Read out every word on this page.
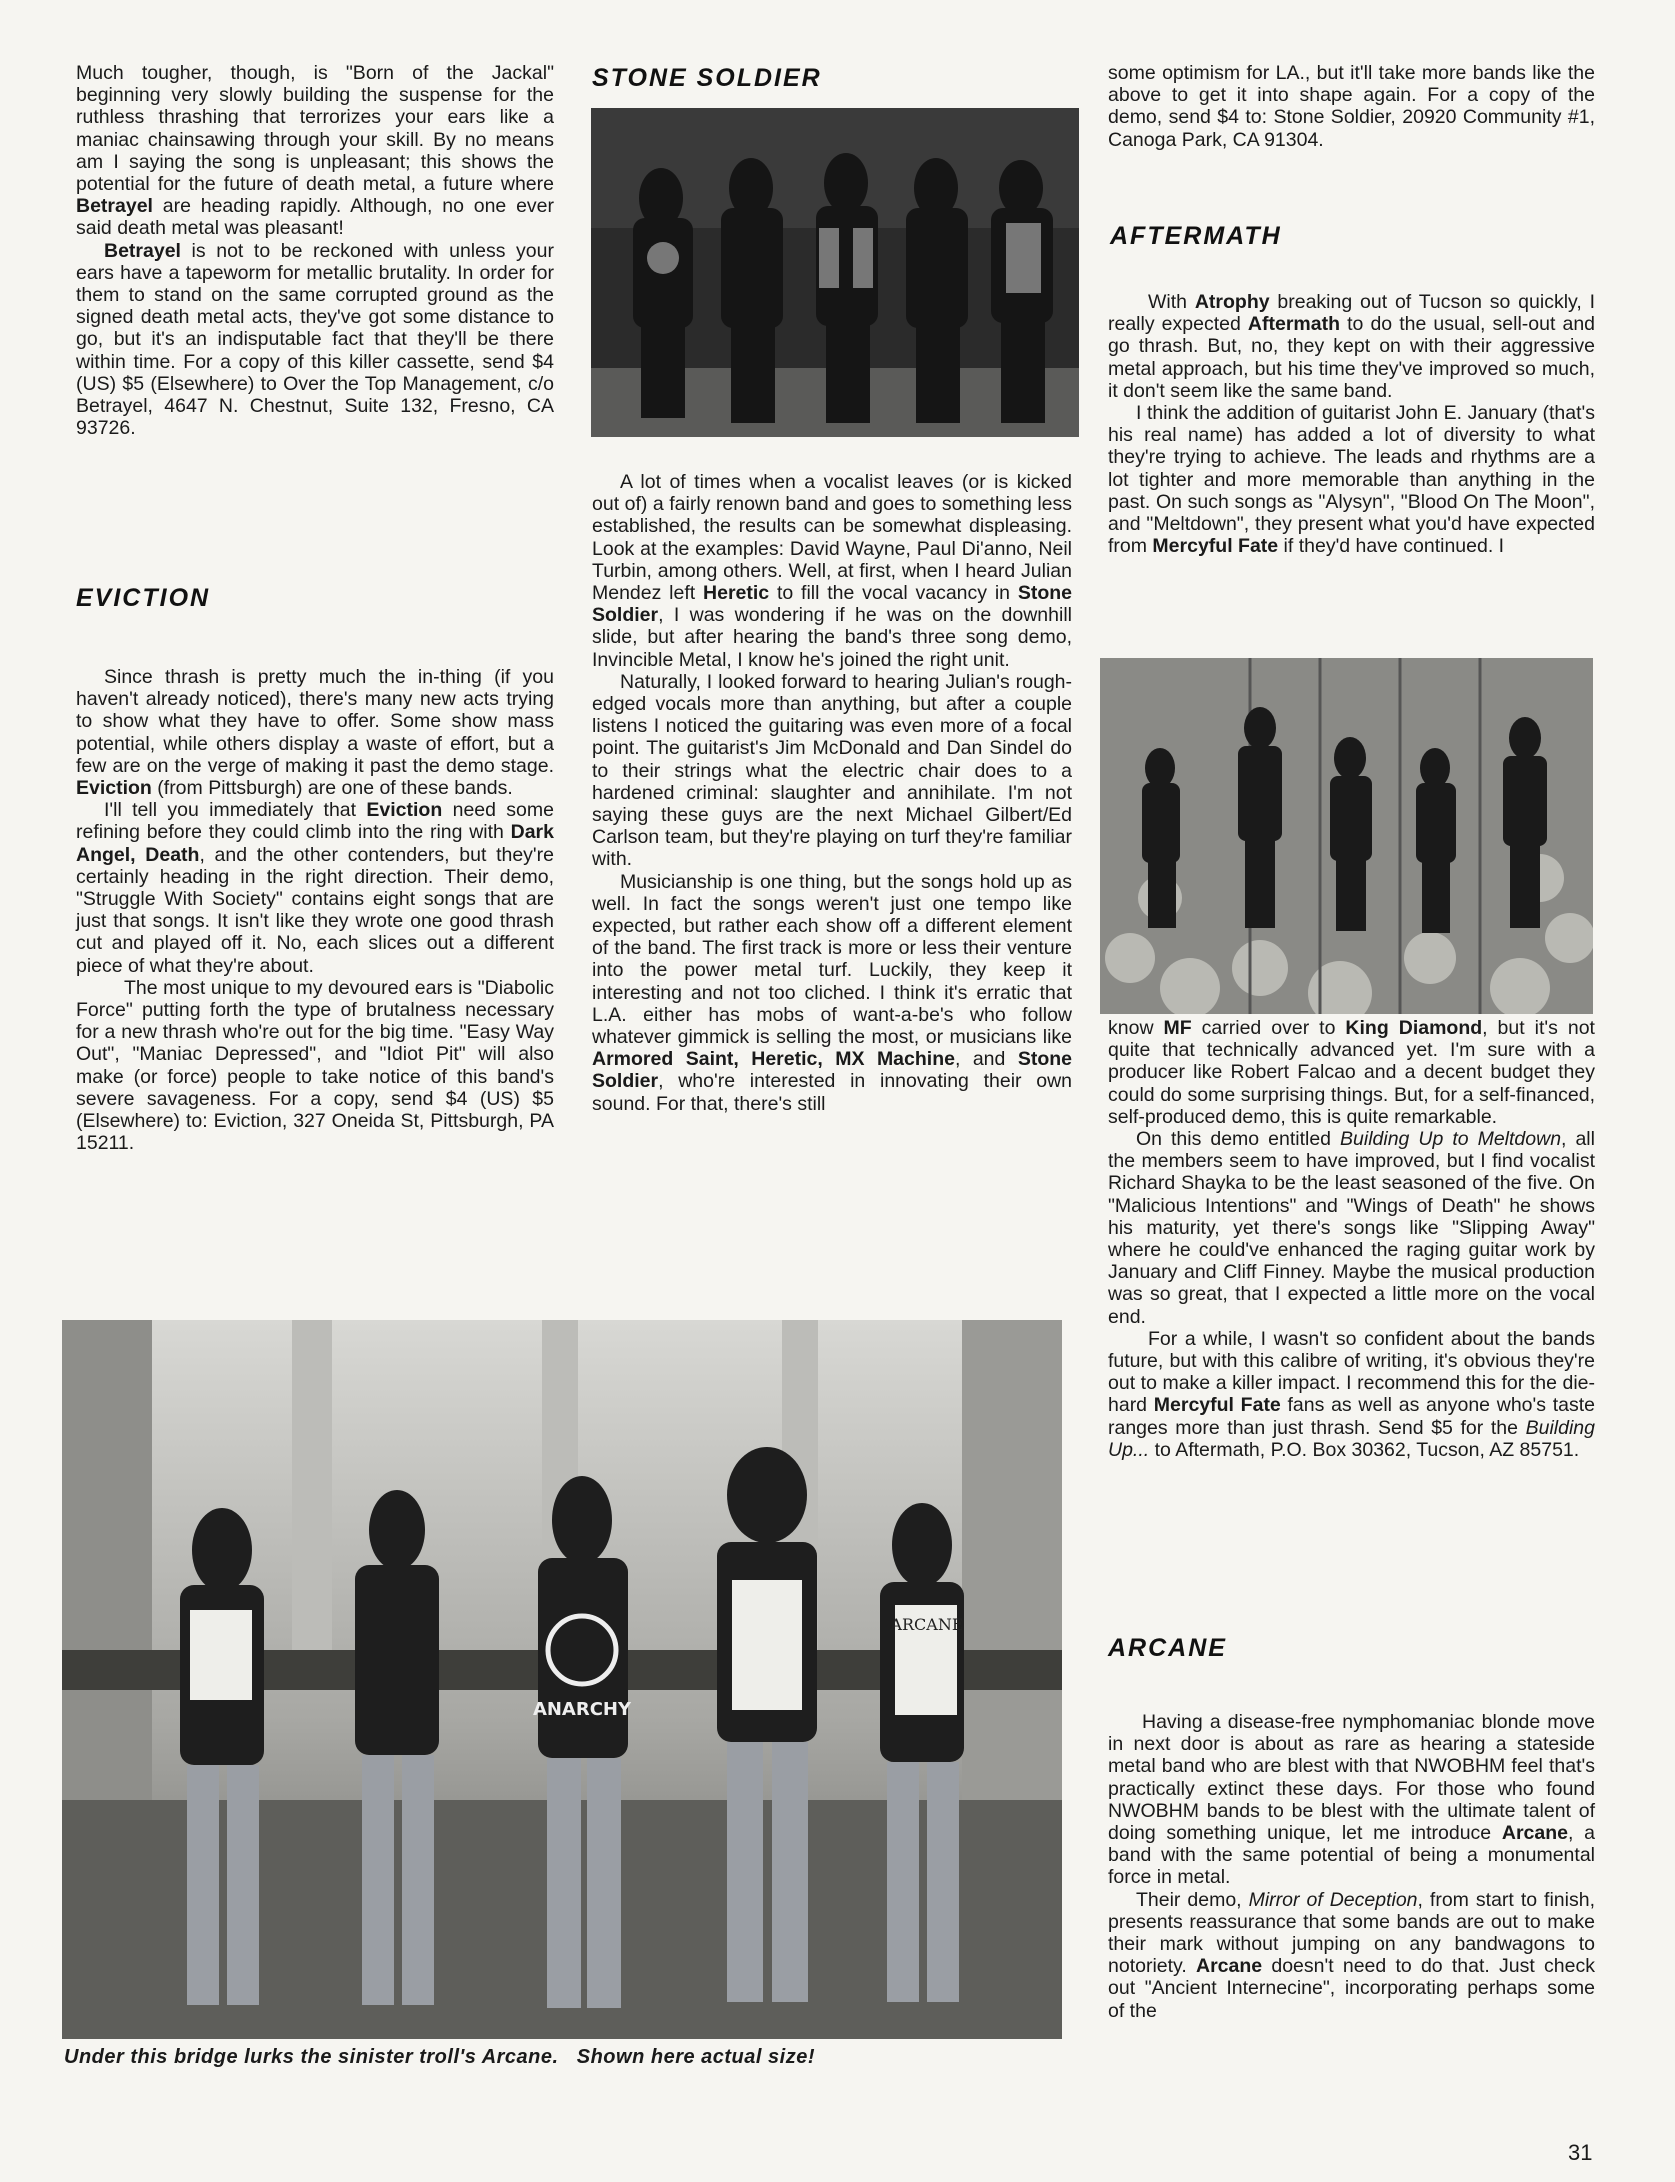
Much tougher, though, is "Born of the Jackal" beginning very slowly building the suspense for the ruthless thrashing that terrorizes your ears like a maniac chainsawing through your skill. By no means am I saying the song is unpleasant; this shows the potential for the future of death metal, a future where Betrayel are heading rapidly. Although, no one ever said death metal was pleasant!

Betrayel is not to be reckoned with unless your ears have a tapeworm for metallic brutality. In order for them to stand on the same corrupted ground as the signed death metal acts, they've got some distance to go, but it's an indisputable fact that they'll be there within time. For a copy of this killer cassette, send $4 (US) $5 (Elsewhere) to Over the Top Management, c/o Betrayel, 4647 N. Chestnut, Suite 132, Fresno, CA 93726.

EVICTION

Since thrash is pretty much the in-thing (if you haven't already noticed), there's many new acts trying to show what they have to offer. Some show mass potential, while others display a waste of effort, but a few are on the verge of making it past the demo stage. Eviction (from Pittsburgh) are one of these bands.

I'll tell you immediately that Eviction need some refining before they could climb into the ring with Dark Angel, Death, and the other contenders, but they're certainly heading in the right direction. Their demo, "Struggle With Society" contains eight songs that are just that songs. It isn't like they wrote one good thrash cut and played off it. No, each slices out a different piece of what they're about.

The most unique to my devoured ears is "Diabolic Force" putting forth the type of brutalness necessary for a new thrash who're out for the big time. "Easy Way Out", "Maniac Depressed", and "Idiot Pit" will also make (or force) people to take notice of this band's severe savageness. For a copy, send $4 (US) $5 (Elsewhere) to: Eviction, 327 Oneida St, Pittsburgh, PA 15211.

STONE SOLDIER

A lot of times when a vocalist leaves (or is kicked out of) a fairly renown band and goes to something less established, the results can be somewhat displeasing. Look at the examples: David Wayne, Paul Di'anno, Neil Turbin, among others. Well, at first, when I heard Julian Mendez left Heretic to fill the vocal vacancy in Stone Soldier, I was wondering if he was on the downhill slide, but after hearing the band's three song demo, Invincible Metal, I know he's joined the right unit.

Naturally, I looked forward to hearing Julian's rough-edged vocals more than anything, but after a couple listens I noticed the guitaring was even more of a focal point. The guitarist's Jim McDonald and Dan Sindel do to their strings what the electric chair does to a hardened criminal: slaughter and annihilate. I'm not saying these guys are the next Michael Gilbert/Ed Carlson team, but they're playing on turf they're familiar with.

Musicianship is one thing, but the songs hold up as well. In fact the songs weren't just one tempo like expected, but rather each show off a different element of the band. The first track is more or less their venture into the power metal turf. Luckily, they keep it interesting and not too cliched. I think it's erratic that L.A. either has mobs of want-a-be's who follow whatever gimmick is selling the most, or musicians like Armored Saint, Heretic, MX Machine, and Stone Soldier, who're interested in innovating their own sound. For that, there's still

some optimism for LA., but it'll take more bands like the above to get it into shape again. For a copy of the demo, send $4 to: Stone Soldier, 20920 Community #1, Canoga Park, CA 91304.

AFTERMATH

With Atrophy breaking out of Tucson so quickly, I really expected Aftermath to do the usual, sell-out and go thrash. But, no, they kept on with their aggressive metal approach, but his time they've improved so much, it don't seem like the same band.

I think the addition of guitarist John E. January (that's his real name) has added a lot of diversity to what they're trying to achieve. The leads and rhythms are a lot tighter and more memorable than anything in the past. On such songs as "Alysyn", "Blood On The Moon", and "Meltdown", they present what you'd have expected from Mercyful Fate if they'd have continued. I

know MF carried over to King Diamond, but it's not quite that technically advanced yet. I'm sure with a producer like Robert Falcao and a decent budget they could do some surprising things. But, for a self-financed, self-produced demo, this is quite remarkable.

On this demo entitled Building Up to Meltdown, all the members seem to have improved, but I find vocalist Richard Shayka to be the least seasoned of the five. On "Malicious Intentions" and "Wings of Death" he shows his maturity, yet there's songs like "Slipping Away" where he could've enhanced the raging guitar work by January and Cliff Finney. Maybe the musical production was so great, that I expected a little more on the vocal end.

For a while, I wasn't so confident about the bands future, but with this calibre of writing, it's obvious they're out to make a killer impact. I recommend this for the die-hard Mercyful Fate fans as well as anyone who's taste ranges more than just thrash. Send $5 for the Building Up... to Aftermath, P.O. Box 30362, Tucson, AZ 85751.

ARCANE

Having a disease-free nymphomaniac blonde move in next door is about as rare as hearing a stateside metal band who are blest with that NWOBHM feel that's practically extinct these days. For those who found NWOBHM bands to be blest with the ultimate talent of doing something unique, let me introduce Arcane, a band with the same potential of being a monumental force in metal.

Their demo, Mirror of Deception, from start to finish, presents reassurance that some bands are out to make their mark without jumping on any bandwagons to notoriety. Arcane doesn't need to do that. Just check out "Ancient Internecine", incorporating perhaps some of the

ANARCHY
ARCANE
Under this bridge lurks the sinister troll's Arcane.   Shown here actual size!
31
